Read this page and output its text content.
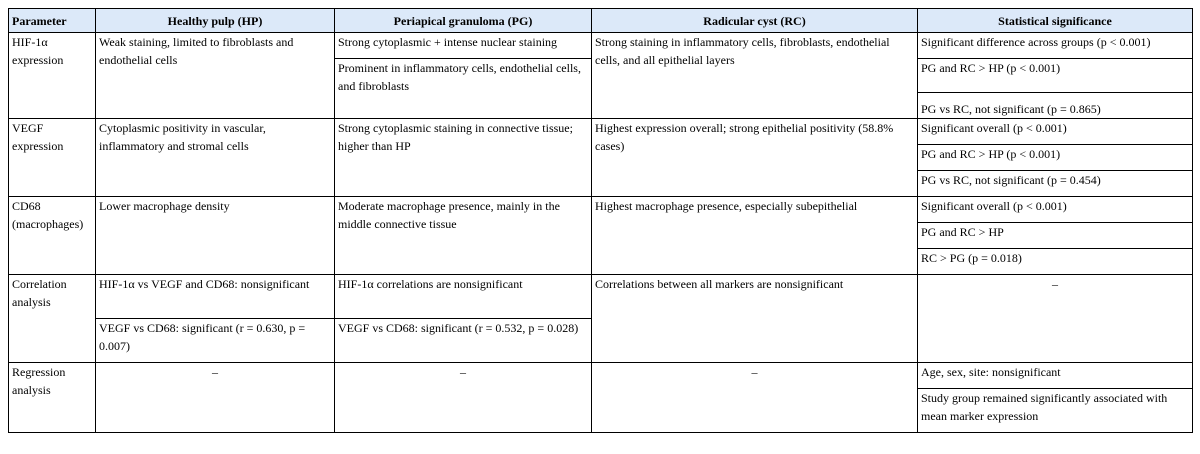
Parameter	Healthy pulp (HP)	Periapical granuloma (PG)	Radicular cyst (RC)	Statistical significance
HIF-1α expression	Weak staining, limited to fibroblasts and endothelial cells	Strong cytoplasmic + intense nuclear staining	Strong staining in inflammatory cells, fibroblasts, endothelial cells, and all epithelial layers	Significant difference across groups (p < 0.001)
		Prominent in inflammatory cells, endothelial cells, and fibroblasts		PG and RC > HP (p < 0.001)
				PG vs RC, not significant (p = 0.865)
VEGF expression	Cytoplasmic positivity in vascular, inflammatory and stromal cells	Strong cytoplasmic staining in connective tissue; higher than HP	Highest expression overall; strong epithelial positivity (58.8% cases)	Significant overall (p < 0.001)
				PG and RC > HP (p < 0.001)
				PG vs RC, not significant (p = 0.454)
CD68 (macrophages)	Lower macrophage density	Moderate macrophage presence, mainly in the middle connective tissue	Highest macrophage presence, especially subepithelial	Significant overall (p < 0.001)
				PG and RC > HP
				RC > PG (p = 0.018)
Correlation analysis	HIF-1α vs VEGF and CD68: nonsignificant	HIF-1α correlations are nonsignificant	Correlations between all markers are nonsignificant	–
	VEGF vs CD68: significant (r = 0.630, p = 0.007)	VEGF vs CD68: significant (r = 0.532, p = 0.028)		
Regression analysis	–	–	–	Age, sex, site: nonsignificant
				Study group remained significantly associated with mean marker expression
